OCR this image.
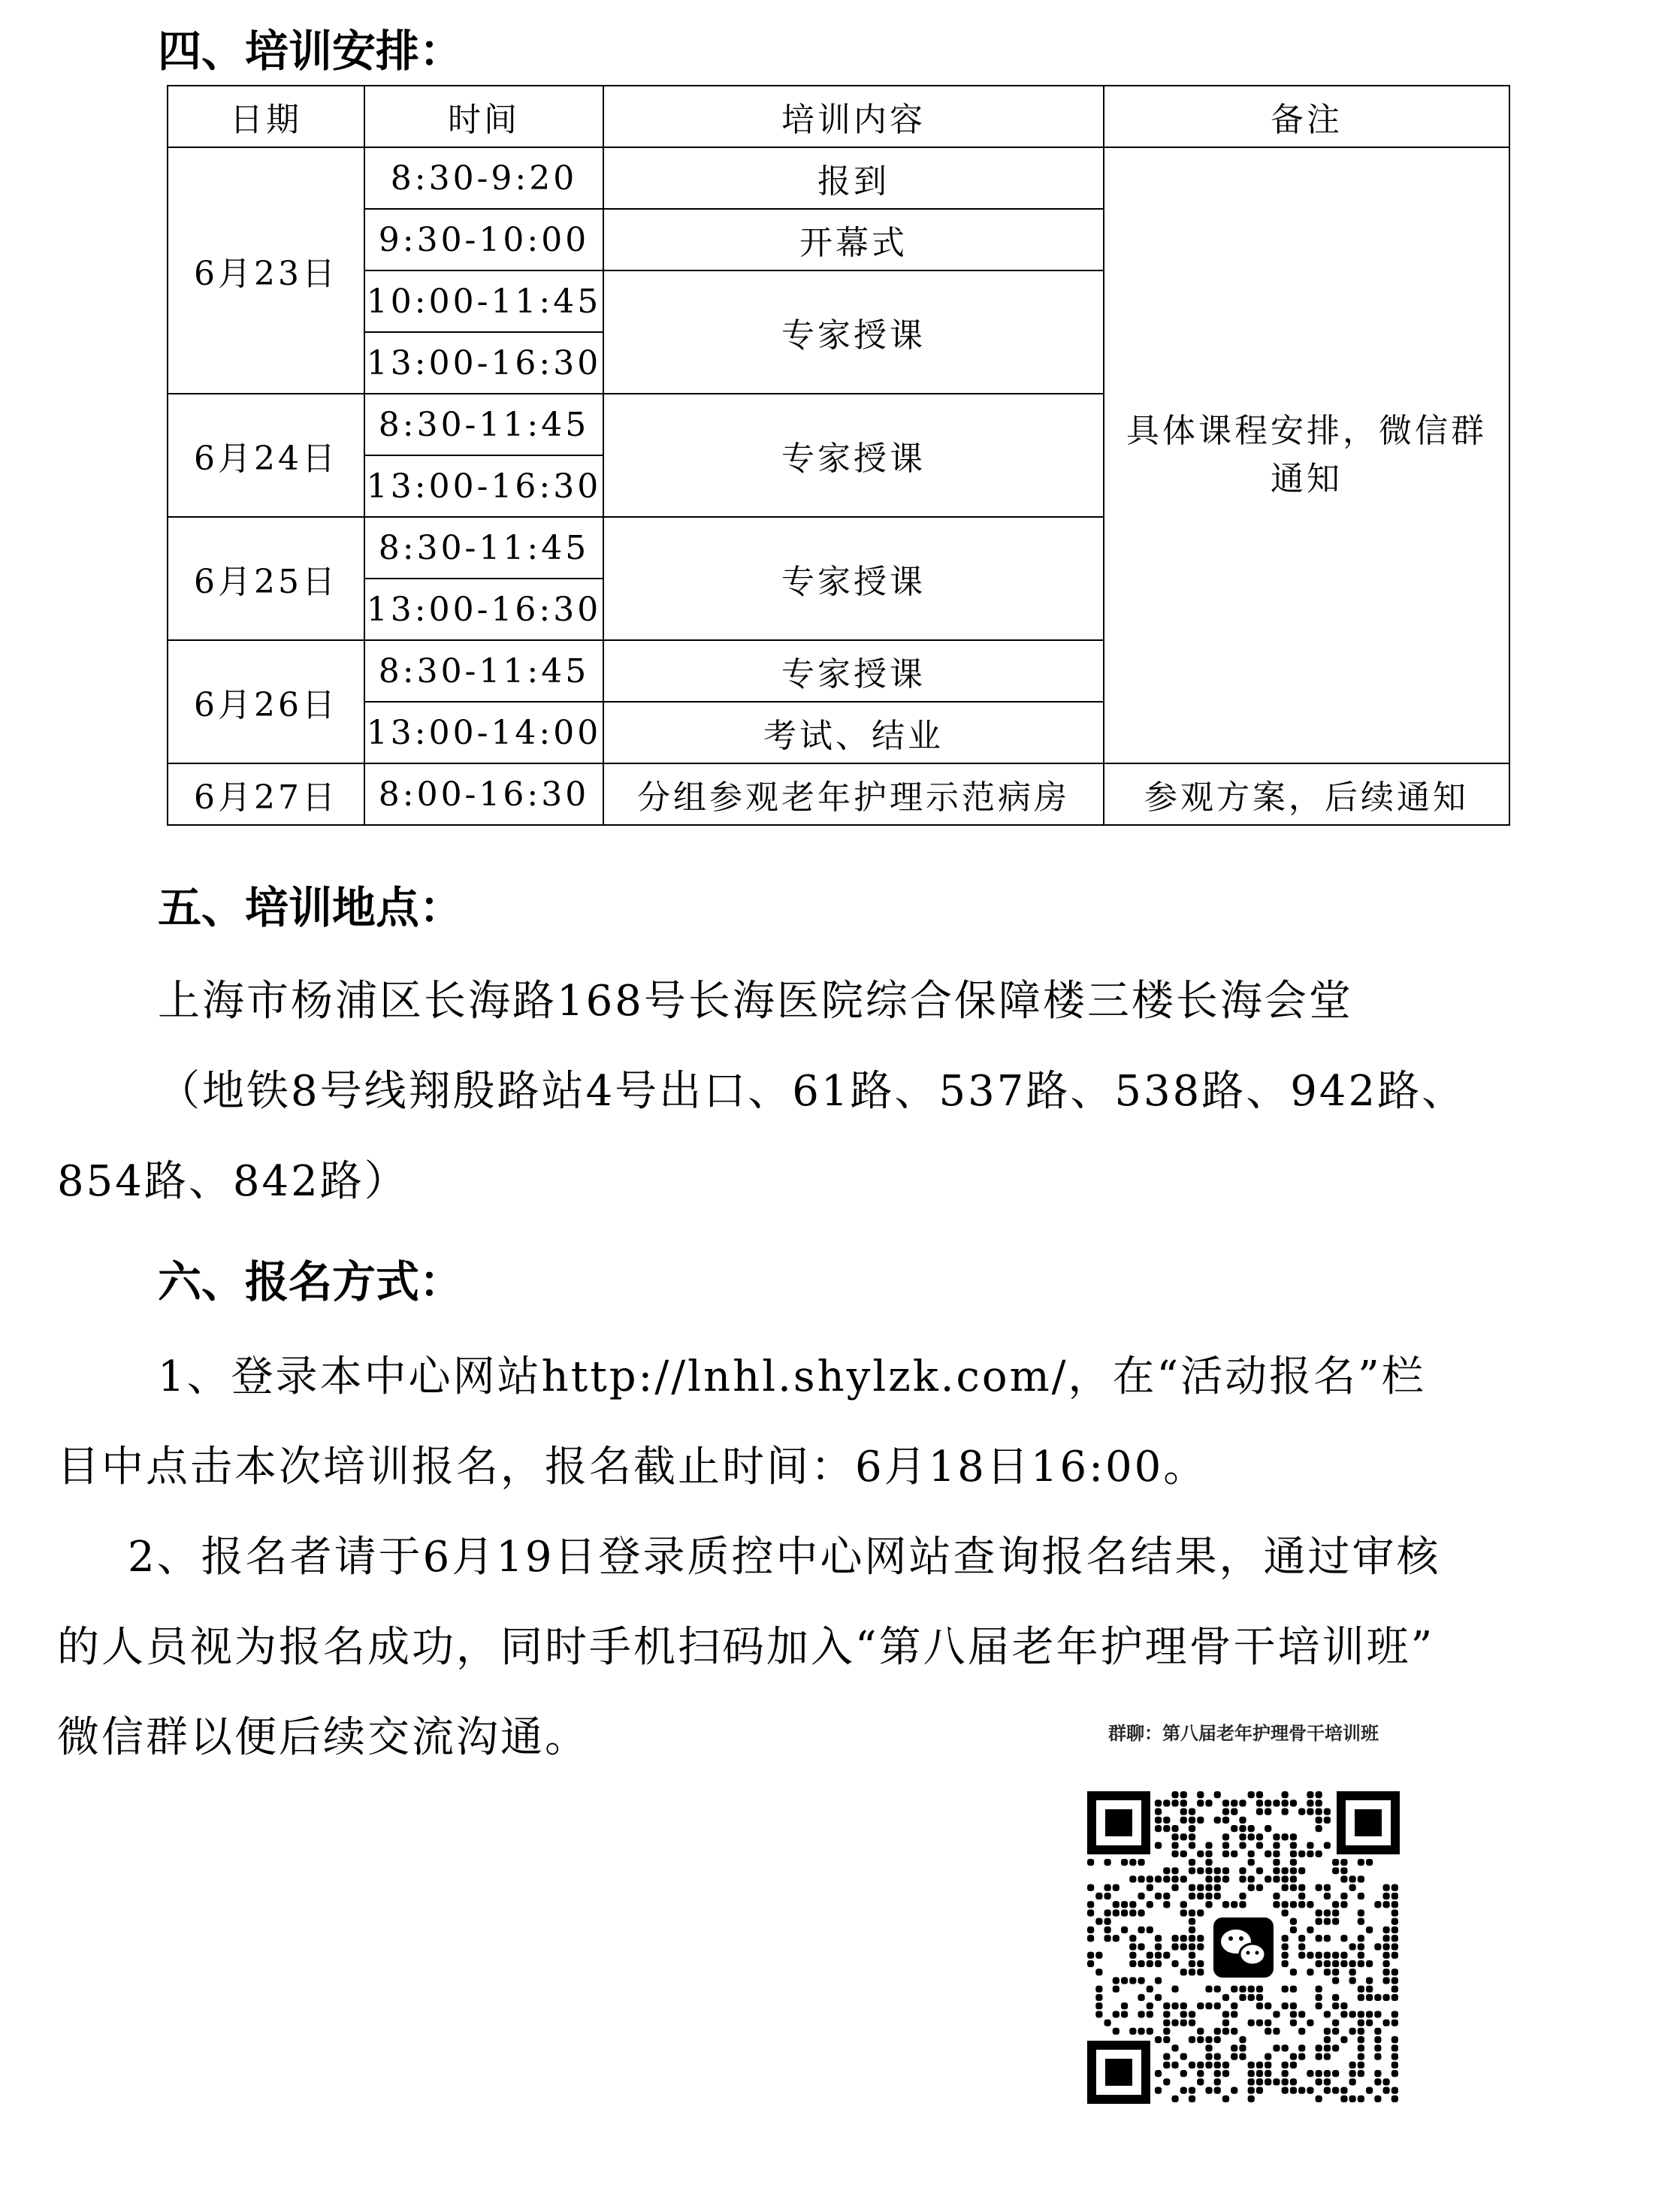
四、培训安排：
日期	时间	培训内容	备注
6月23日	8:30-9:20	报到	具体课程安排，微信群通知
	9:30-10:00	开幕式	
	10:00-11:45	专家授课	
	13:00-16:30		
6月24日	8:30-11:45	专家授课	
	13:00-16:30		
6月25日	8:30-11:45	专家授课	
	13:00-16:30		
6月26日	8:30-11:45	专家授课	
	13:00-14:00	考试、结业	
6月27日	8:00-16:30	分组参观老年护理示范病房	参观方案，后续通知
五、培训地点：
上海市杨浦区长海路168号长海医院综合保障楼三楼长海会堂
（地铁8号线翔殷路站4号出口、61路、537路、538路、942路、
854路、842路）
六、报名方式：
1、登录本中心网站http://lnhl.shylzk.com/，在“活动报名”栏
目中点击本次培训报名，报名截止时间：6月18日16:00。
2、报名者请于6月19日登录质控中心网站查询报名结果，通过审核
的人员视为报名成功，同时手机扫码加入“第八届老年护理骨干培训班”
微信群以便后续交流沟通。	群聊：第八届老年护理骨干培训班
